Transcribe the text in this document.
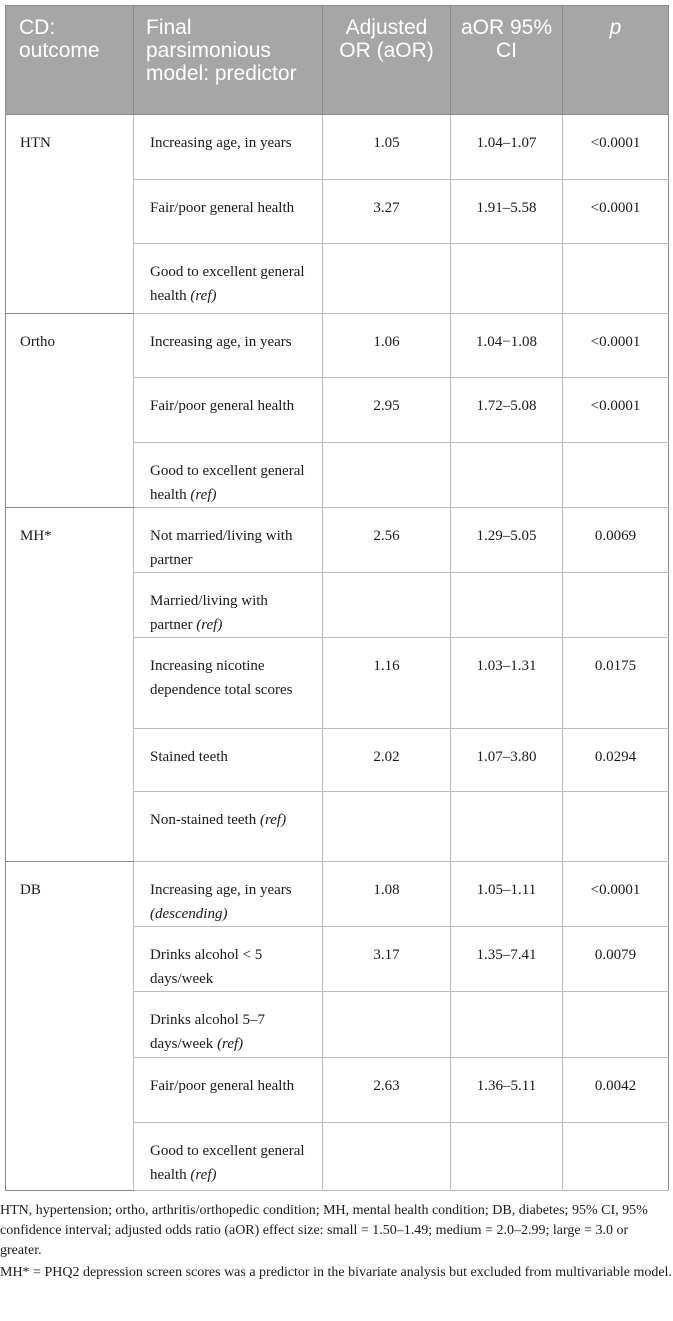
CD: outcome	Final parsimonious model: predictor	Adjusted OR (aOR)	aOR 95% CI	p
HTN	Increasing age, in years	1.05	1.04–1.07	<0.0001
	Fair/poor general health	3.27	1.91–5.58	<0.0001
	Good to excellent general health (ref)			
Ortho	Increasing age, in years	1.06	1.04−1.08	<0.0001
	Fair/poor general health	2.95	1.72–5.08	<0.0001
	Good to excellent general health (ref)			
MH*	Not married/living with partner	2.56	1.29–5.05	0.0069
	Married/living with partner (ref)			
	Increasing nicotine dependence total scores	1.16	1.03–1.31	0.0175
	Stained teeth	2.02	1.07–3.80	0.0294
	Non-stained teeth (ref)			
DB	Increasing age, in years (descending)	1.08	1.05–1.11	<0.0001
	Drinks alcohol < 5 days/week	3.17	1.35–7.41	0.0079
	Drinks alcohol 5–7 days/week (ref)			
	Fair/poor general health	2.63	1.36–5.11	0.0042
	Good to excellent general health (ref)			

HTN, hypertension; ortho, arthritis/orthopedic condition; MH, mental health condition; DB, diabetes; 95% CI, 95% confidence interval; adjusted odds ratio (aOR) effect size: small = 1.50–1.49; medium = 2.0–2.99; large = 3.0 or greater.

MH* = PHQ2 depression screen scores was a predictor in the bivariate analysis but excluded from multivariable model.
